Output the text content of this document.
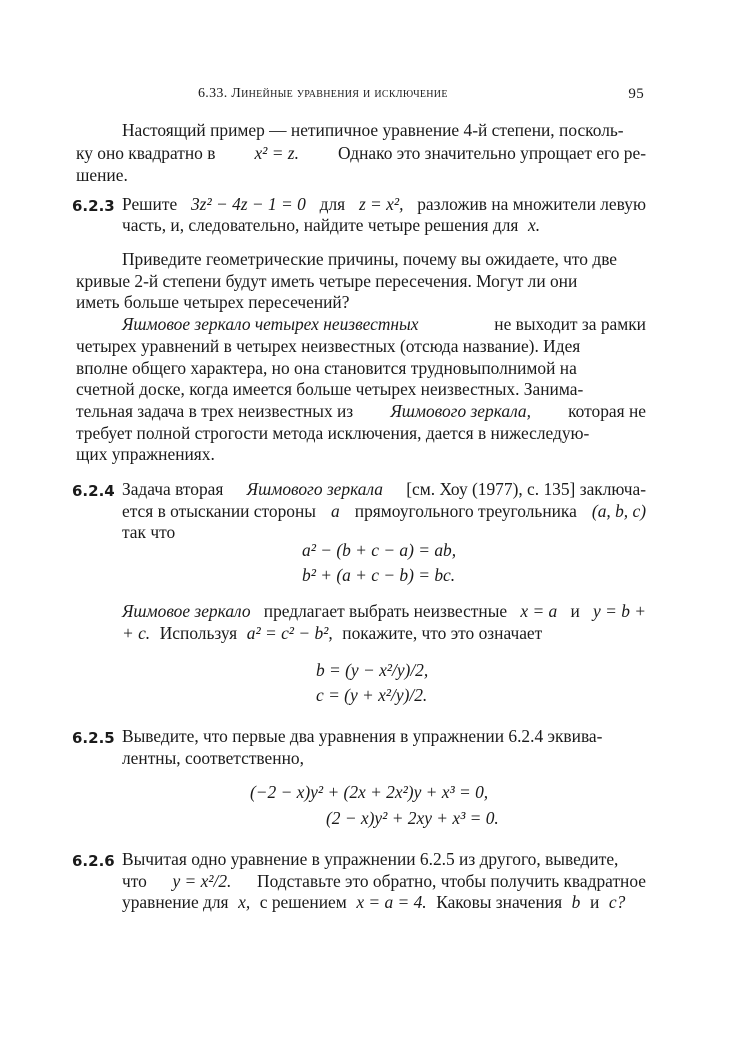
6.33. Линейные уравнения и исключение	95
Настоящий пример — нетипичное уравнение 4-й степени, посколь-
ку оно квадратно в x² = z. Однако это значительно упрощает его ре-
шение.
6.2.3 Решите 3z² − 4z − 1 = 0 для z = x², разложив на множители левую
часть, и, следовательно, найдите четыре решения для x.
Приведите геометрические причины, почему вы ожидаете, что две
кривые 2-й степени будут иметь четыре пересечения. Могут ли они
иметь больше четырех пересечений?
Яшмовое зеркало четырех неизвестных	не выходит за рамки
четырех уравнений в четырех неизвестных (отсюда название). Идея
вполне общего характера, но она становится трудновыполнимой на
счетной доске, когда имеется больше четырех неизвестных. Занима-
тельная задача в трех неизвестных из Яшмового зеркала, которая не
требует полной строгости метода исключения, дается в нижеследую-
щих упражнениях.
6.2.4 Задача вторая Яшмового зеркала [см. Хоу (1977), с. 135] заключа-
ется в отыскании стороны a прямоугольного треугольника (a, b, c)
так что
a² − (b + c − a) = ab,
b² + (a + c − b) = bc.
Яшмовое зеркало предлагает выбрать неизвестные x = a и y = b +
+ c. Используя a² = c² − b², покажите, что это означает
b = (y − x²/y)/2,
c = (y + x²/y)/2.
6.2.5 Выведите, что первые два уравнения в упражнении 6.2.4 эквива-
лентны, соответственно,
(−2 − x)y² + (2x + 2x²)y + x³ = 0,
(2 − x)y² + 2xy + x³ = 0.
6.2.6 Вычитая одно уравнение в упражнении 6.2.5 из другого, выведите,
что y = x²/2. Подставьте это обратно, чтобы получить квадратное
уравнение для x, с решением x = a = 4. Каковы значения b и c?
